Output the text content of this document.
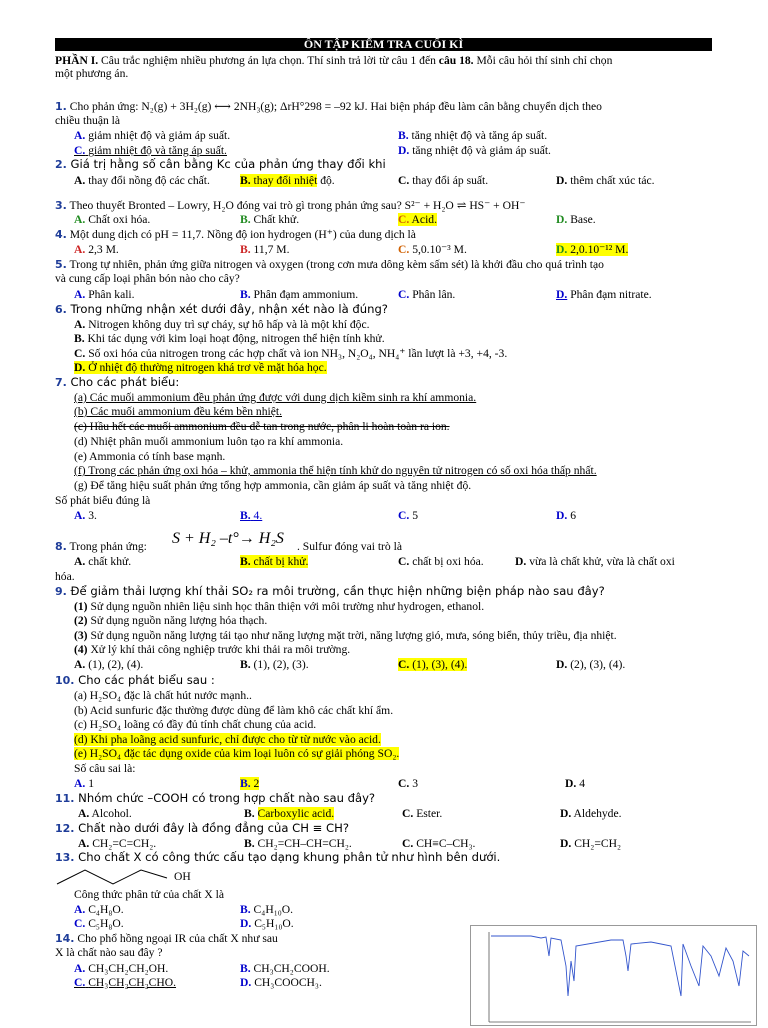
ÔN TẬP KIỂM TRA CUỐI KÌ
PHẦN I. Câu trắc nghiệm nhiều phương án lựa chọn. Thí sinh trả lời từ câu 1 đến câu 18. Mỗi câu hỏi thí sinh chỉ chọn
một phương án.
1. Cho phản ứng: N₂(g) + 3H₂(g) ⟷ 2NH₃(g); ΔrH°298 = –92 kJ. Hai biện pháp đều làm cân bằng chuyển dịch theo
chiều thuận là
A. giảm nhiệt độ và giảm áp suất.	B. tăng nhiệt độ và tăng áp suất.
C. giảm nhiệt độ và tăng áp suất.	D. tăng nhiệt độ và giảm áp suất.
2. Giá trị hằng số cân bằng Kc của phản ứng thay đổi khi
A. thay đổi nồng độ các chất.	B. thay đổi nhiệt độ.	C. thay đổi áp suất.	D. thêm chất xúc tác.
3. Theo thuyết Bronted – Lowry, H₂O đóng vai trò gì trong phản ứng sau? S²⁻ + H₂O ⇌ HS⁻ + OH⁻
A. Chất oxi hóa.	B. Chất khử.	C. Acid.	D. Base.
4. Một dung dịch có pH = 11,7. Nồng độ ion hydrogen (H⁺) của dung dịch là
A. 2,3 M.	B. 11,7 M.	C. 5,0.10⁻³ M.	D. 2,0.10⁻¹² M.
5. Trong tự nhiên, phản ứng giữa nitrogen và oxygen (trong cơn mưa dông kèm sấm sét) là khởi đầu cho quá trình tạo
và cung cấp loại phân bón nào cho cây?
A. Phân kali.	B. Phân đạm ammonium.	C. Phân lân.	D. Phân đạm nitrate.
6. Trong những nhận xét dưới đây, nhận xét nào là đúng?
A. Nitrogen không duy trì sự cháy, sự hô hấp và là một khí độc.
B. Khi tác dụng với kim loại hoạt động, nitrogen thể hiện tính khử.
C. Số oxi hóa của nitrogen trong các hợp chất và ion NH₃, N₂O₄, NH₄⁺ lần lượt là +3, +4, -3.
D. Ở nhiệt độ thường nitrogen khá trơ về mặt hóa học.
7. Cho các phát biểu:
(a) Các muối ammonium đều phản ứng được với dung dịch kiềm sinh ra khí ammonia.
(b) Các muối ammonium đều kém bền nhiệt.
(c) Hầu hết các muối ammonium đều dễ tan trong nước, phân li hoàn toàn ra ion.
(d) Nhiệt phân muối ammonium luôn tạo ra khí ammonia.
(e) Ammonia có tính base mạnh.
(f) Trong các phản ứng oxi hóa – khử, ammonia thể hiện tính khử do nguyên tử nitrogen có số oxi hóa thấp nhất.
(g) Để tăng hiệu suất phản ứng tổng hợp ammonia, cần giảm áp suất và tăng nhiệt độ.
Số phát biểu đúng là
A. 3.	B. 4.	C. 5	D. 6
8. Trong phản ứng: S + H₂ –t°→ H₂S . Sulfur đóng vai trò là
A. chất khử.	B. chất bị khử.	C. chất bị oxi hóa.	D. vừa là chất khử, vừa là chất oxi
hóa.
9. Để giảm thải lượng khí thải SO₂ ra môi trường, cần thực hiện những biện pháp nào sau đây?
(1) Sử dụng nguồn nhiên liệu sinh học thân thiện với môi trường như hydrogen, ethanol.
(2) Sử dụng nguồn năng lượng hóa thạch.
(3) Sử dụng nguồn năng lượng tái tạo như năng lượng mặt trời, năng lượng gió, mưa, sóng biển, thủy triều, địa nhiệt.
(4) Xử lý khí thải công nghiệp trước khi thải ra môi trường.
A. (1), (2), (4).	B. (1), (2), (3).	C. (1), (3), (4).	D. (2), (3), (4).
10. Cho các phát biểu sau :
(a) H₂SO₄ đặc là chất hút nước mạnh..
(b) Acid sunfuric đặc thường được dùng để làm khô các chất khí ẩm.
(c) H₂SO₄ loãng có đầy đủ tính chất chung của acid.
(d) Khi pha loãng acid sunfuric, chỉ được cho từ từ nước vào acid.
(e) H₂SO₄ đặc tác dụng oxide của kim loại luôn có sự giải phóng SO₂.
Số câu sai là:
A. 1	B. 2	C. 3	D. 4
11. Nhóm chức –COOH có trong hợp chất nào sau đây?
A. Alcohol.	B. Carboxylic acid.	C. Ester.	D. Aldehyde.
12. Chất nào dưới đây là đồng đẳng của CH ≡ CH?
A. CH₂=C=CH₂.	B. CH₂=CH–CH=CH₂.	C. CH≡C–CH₃.	D. CH₂=CH₂
13. Cho chất X có công thức cấu tạo dạng khung phân tử như hình bên dưới.
OH
Công thức phân tử của chất X là
A. C₄H₈O.	B. C₄H₁₀O.
C. C₅H₈O.	D. C₅H₁₀O.
14. Cho phổ hồng ngoại IR của chất X như sau
X là chất nào sau đây ?
A. CH₃CH₂CH₂OH.	B. CH₃CH₂COOH.
C. CH₃CH₂CH₂CHO.	D. CH₃COOCH₃.
